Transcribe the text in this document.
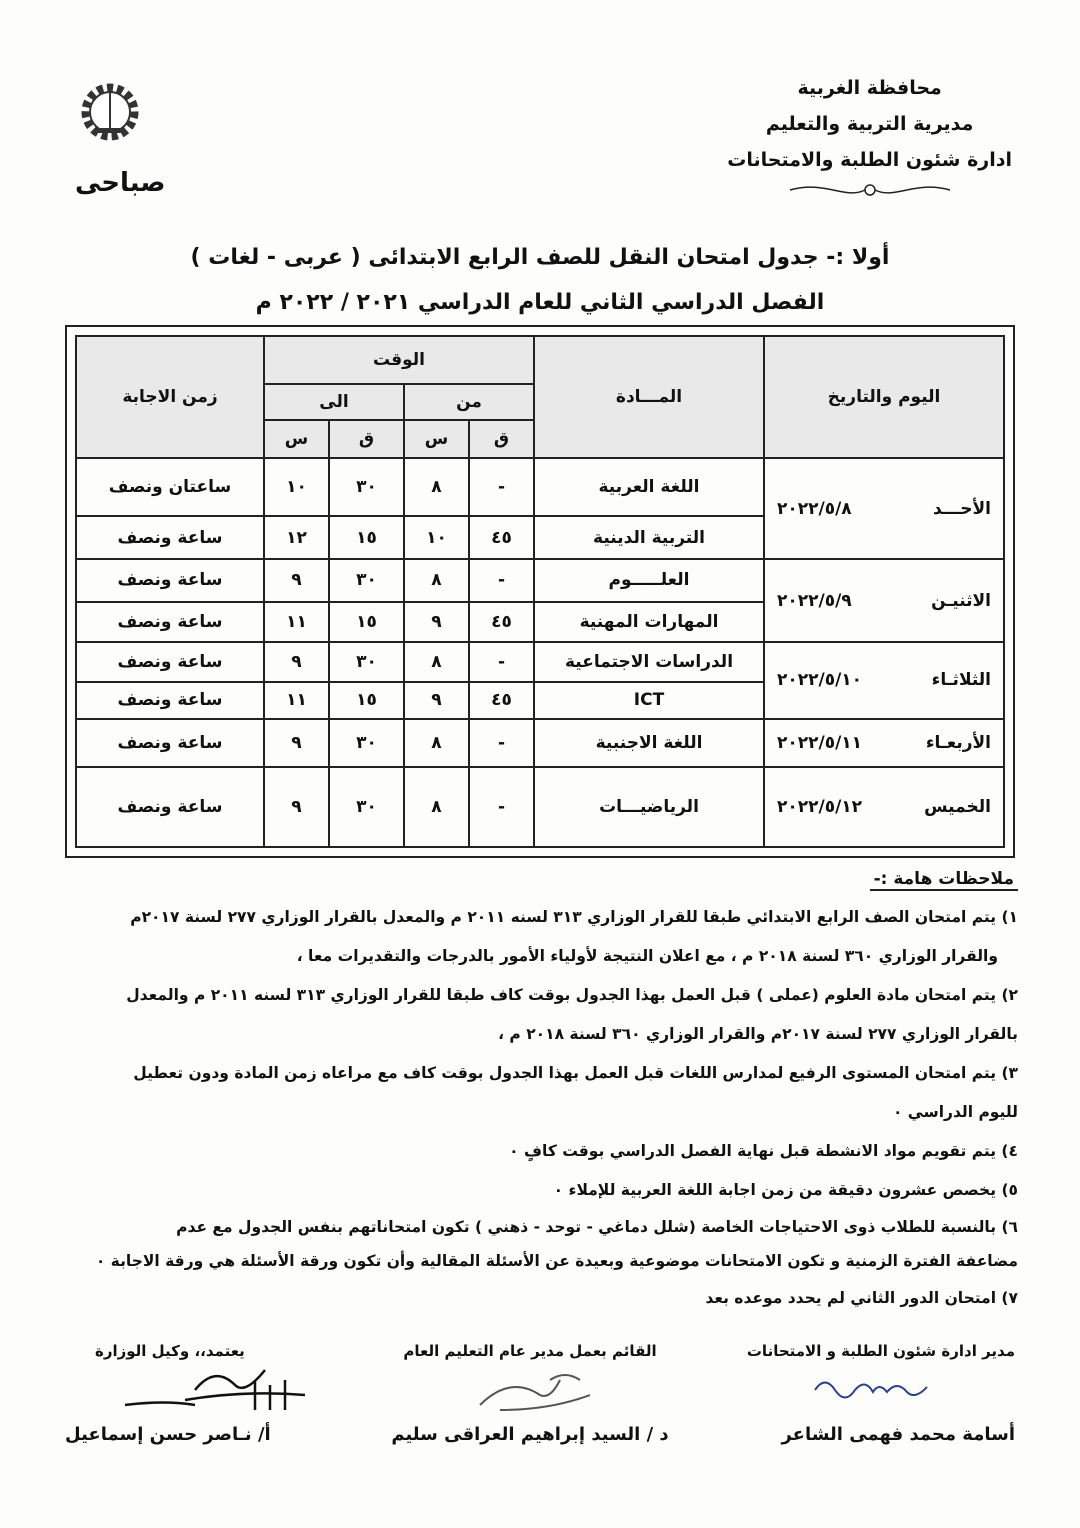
محافظة الغربية
مديرية التربية والتعليم
ادارة شئون الطلبة والامتحانات
صباحى
أولا :- جدول امتحان النقل للصف الرابع الابتدائى ( عربى - لغات )
الفصل الدراسي الثاني للعام الدراسي ٢٠٢١ / ٢٠٢٢ م
اليوم والتاريخ	المـــادة	الوقت				زمن الاجابة
		من		الى		
		ق	س	ق	س	

الأحـــد
٢٠٢٢/٥/٨	اللغة العربية	-	٨	٣٠	١٠	ساعتان ونصف
	التربية الدينية	٤٥	١٠	١٥	١٢	ساعة ونصف

الاثنيـن
٢٠٢٢/٥/٩	العلـــــوم	-	٨	٣٠	٩	ساعة ونصف
	المهارات المهنية	٤٥	٩	١٥	١١	ساعة ونصف

الثلاثـاء
٢٠٢٢/٥/١٠	الدراسات الاجتماعية	-	٨	٣٠	٩	ساعة ونصف
	ICT	٤٥	٩	١٥	١١	ساعة ونصف

الأربعـاء
٢٠٢٢/٥/١١	اللغة الاجنبية	-	٨	٣٠	٩	ساعة ونصف

الخميس
٢٠٢٢/٥/١٢	الرياضيـــات	-	٨	٣٠	٩	ساعة ونصف
ملاحظات هامة :-
١) يتم امتحان الصف الرابع الابتدائي طبقا للقرار الوزاري ٣١٣ لسنه ٢٠١١ م والمعدل بالقرار الوزاري ٢٧٧ لسنة ٢٠١٧م
والقرار الوزاري ٣٦٠ لسنة ٢٠١٨ م ، مع اعلان النتيجة لأولياء الأمور بالدرجات والتقديرات معا ،
٢) يتم امتحان مادة العلوم (عملى ) قبل العمل بهذا الجدول بوقت كاف طبقا للقرار الوزاري ٣١٣ لسنه ٢٠١١ م والمعدل
بالقرار الوزاري ٢٧٧ لسنة ٢٠١٧م والقرار الوزاري ٣٦٠ لسنة ٢٠١٨ م ،
٣) يتم امتحان المستوى الرفيع لمدارس اللغات قبل العمل بهذا الجدول بوقت كاف مع مراعاه زمن المادة ودون تعطيل
لليوم الدراسي ٠
٤) يتم تقويم مواد الانشطة قبل نهاية الفصل الدراسي بوقت كافٍ ٠
٥) يخصص عشرون دقيقة من زمن اجابة اللغة العربية للإملاء ٠
٦) بالنسبة للطلاب ذوى الاحتياجات الخاصة (شلل دماغي - توحد - ذهني ) تكون امتحاناتهم بنفس الجدول مع عدم
مضاعفة الفترة الزمنية و تكون الامتحانات موضوعية وبعيدة عن الأسئلة المقالية وأن تكون ورقة الأسئلة هي ورقة الاجابة ٠
٧) امتحان الدور الثاني لم يحدد موعده بعد
مدير ادارة شئون الطلبة و الامتحانات
أسامة محمد فهمى الشاعر
القائم بعمل مدير عام التعليم العام
د / السيد إبراهيم العراقى سليم
يعتمد،، وكيل الوزارة
أ/ نـاصر حسن إسماعيل
